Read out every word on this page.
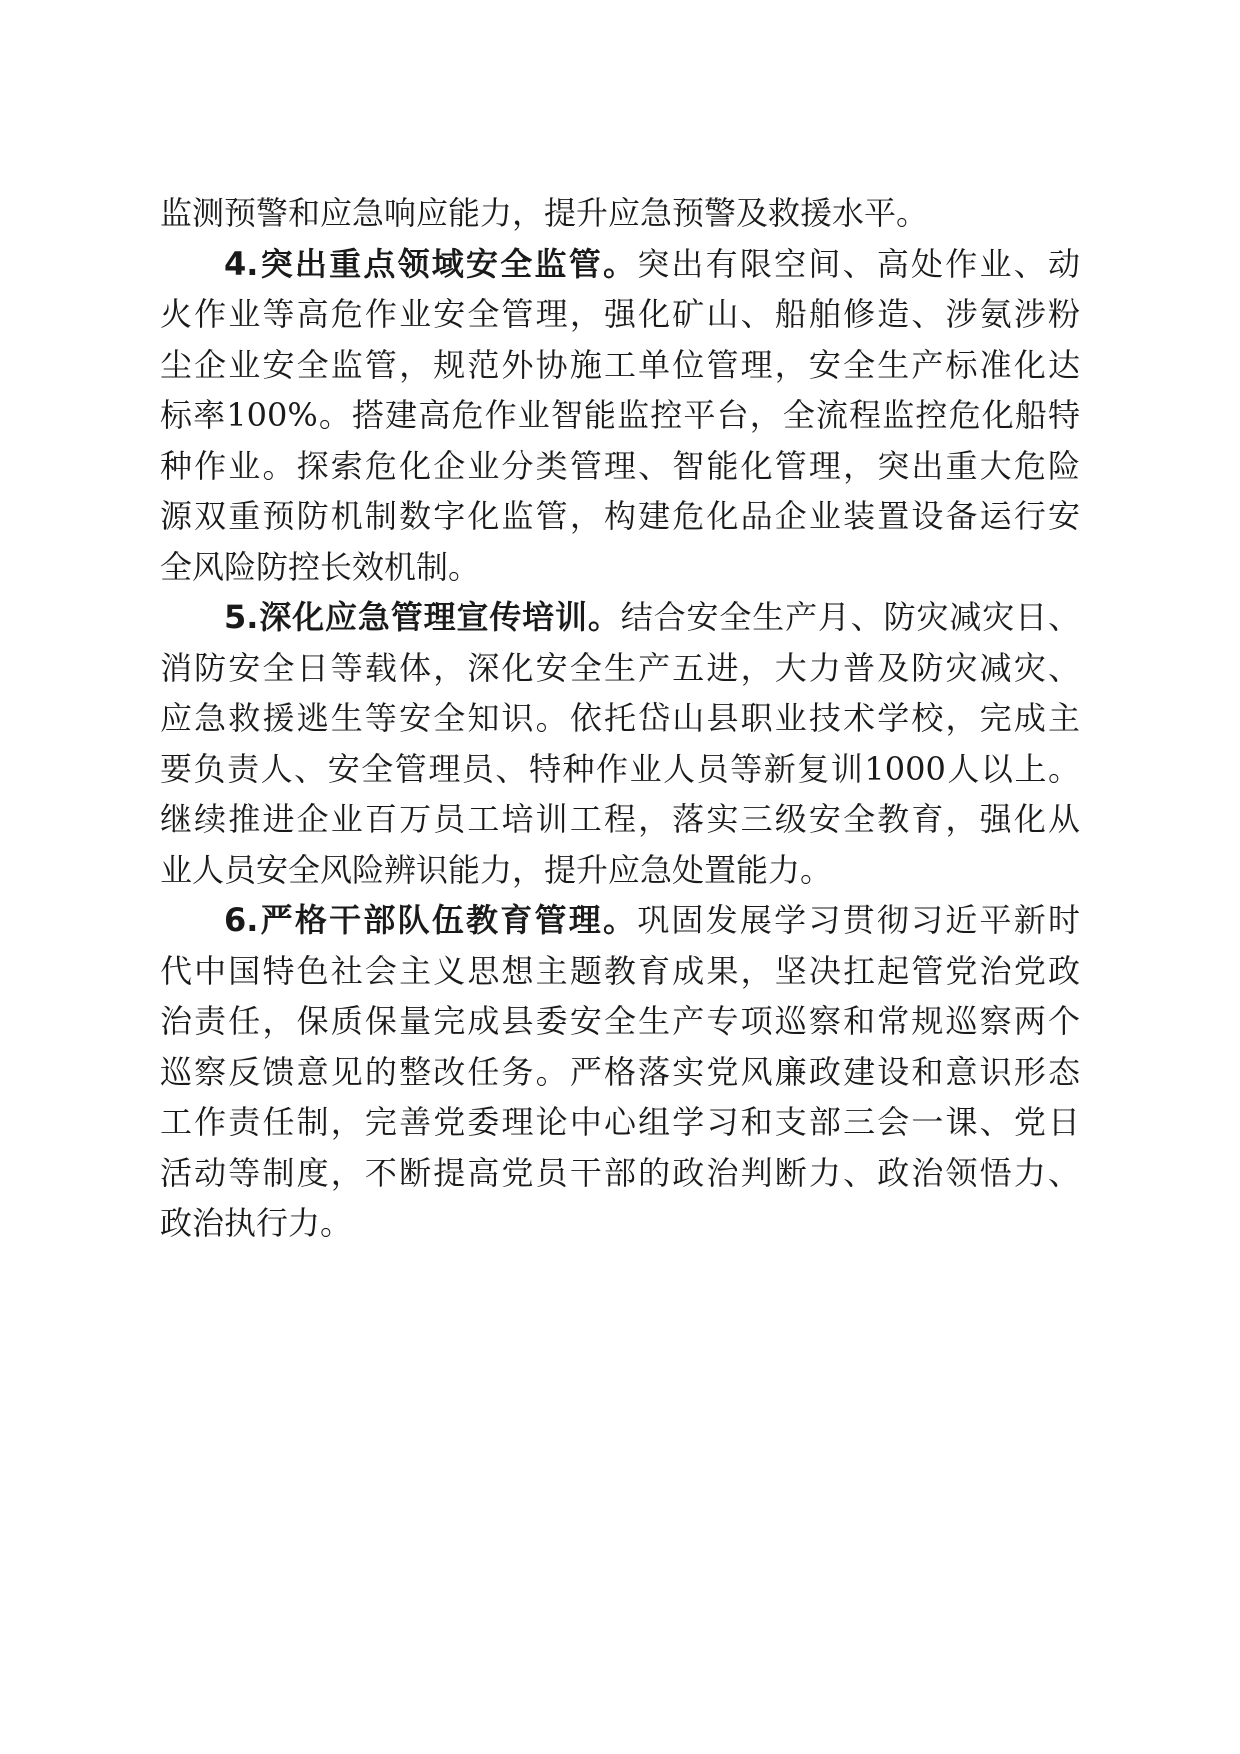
监测预警和应急响应能力，提升应急预警及救援水平。
4.突出重点领域安全监管。突出有限空间、高处作业、动
火作业等高危作业安全管理，强化矿山、船舶修造、涉氨涉粉
尘企业安全监管，规范外协施工单位管理，安全生产标准化达
标率100%。搭建高危作业智能监控平台，全流程监控危化船特
种作业。探索危化企业分类管理、智能化管理，突出重大危险
源双重预防机制数字化监管，构建危化品企业装置设备运行安
全风险防控长效机制。
5.深化应急管理宣传培训。结合安全生产月、防灾减灾日、
消防安全日等载体，深化安全生产五进，大力普及防灾减灾、
应急救援逃生等安全知识。依托岱山县职业技术学校，完成主
要负责人、安全管理员、特种作业人员等新复训1000人以上。
继续推进企业百万员工培训工程，落实三级安全教育，强化从
业人员安全风险辨识能力，提升应急处置能力。
6.严格干部队伍教育管理。巩固发展学习贯彻习近平新时
代中国特色社会主义思想主题教育成果，坚决扛起管党治党政
治责任，保质保量完成县委安全生产专项巡察和常规巡察两个
巡察反馈意见的整改任务。严格落实党风廉政建设和意识形态
工作责任制，完善党委理论中心组学习和支部三会一课、党日
活动等制度，不断提高党员干部的政治判断力、政治领悟力、
政治执行力。
